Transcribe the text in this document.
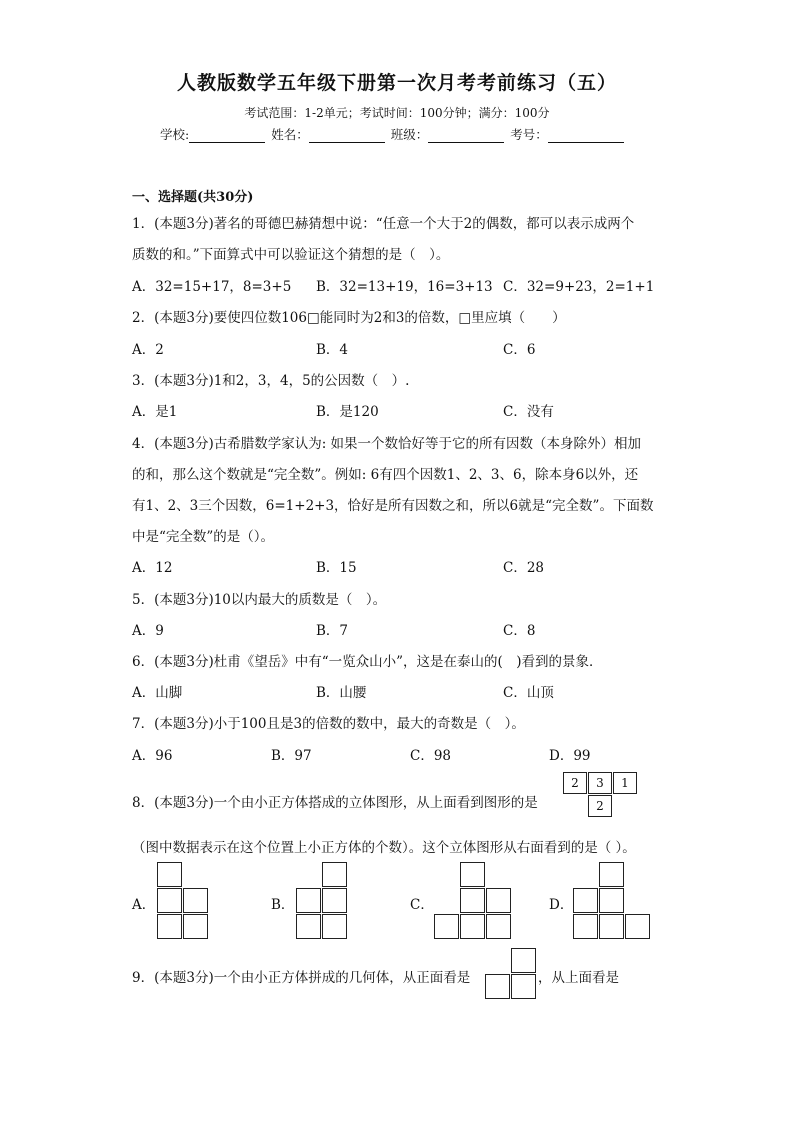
人教版数学五年级下册第一次月考考前练习（五）
考试范围：1-2单元；考试时间：100分钟；满分：100分
学校:	姓名：	班级：	考号：
一、选择题(共30分)
1．(本题3分)著名的哥德巴赫猜想中说：“任意一个大于2的偶数，都可以表示成两个
质数的和。”下面算式中可以验证这个猜想的是（　）。
A．32=15+17，8=3+5 B．32=13+19，16=3+13 C．32=9+23，2=1+1
2．(本题3分)要使四位数106□能同时为2和3的倍数，□里应填（　　）
A．2	B．4	C．6
3．(本题3分)1和2，3，4，5的公因数（　）.
A．是1	B．是120	C．没有
4．(本题3分)古希腊数学家认为: 如果一个数恰好等于它的所有因数（本身除外）相加
的和，那么这个数就是“完全数”。例如: 6有四个因数1、2、3、6，除本身6以外，还
有1、2、3三个因数，6=1+2+3，恰好是所有因数之和，所以6就是“完全数”。下面数
中是“完全数”的是（）。
A．12	B．15	C．28
5．(本题3分)10以内最大的质数是（　）。
A．9	B．7	C．8
6．(本题3分)杜甫《望岳》中有“一览众山小”，这是在泰山的(　)看到的景象．
A．山脚	B．山腰	C．山顶
7．(本题3分)小于100且是3的倍数的数中，最大的奇数是（　）。
A．96	B．97	C．98	D．99
8．(本题3分)一个由小正方体搭成的立体图形，从上面看到图形的是
2	3	1
2
（图中数据表示在这个位置上小正方体的个数）。这个立体图形从右面看到的是（ ）。
A．	B．	C．	D．
9．(本题3分)一个由小正方体拼成的几何体，从正面看是	，从上面看是
